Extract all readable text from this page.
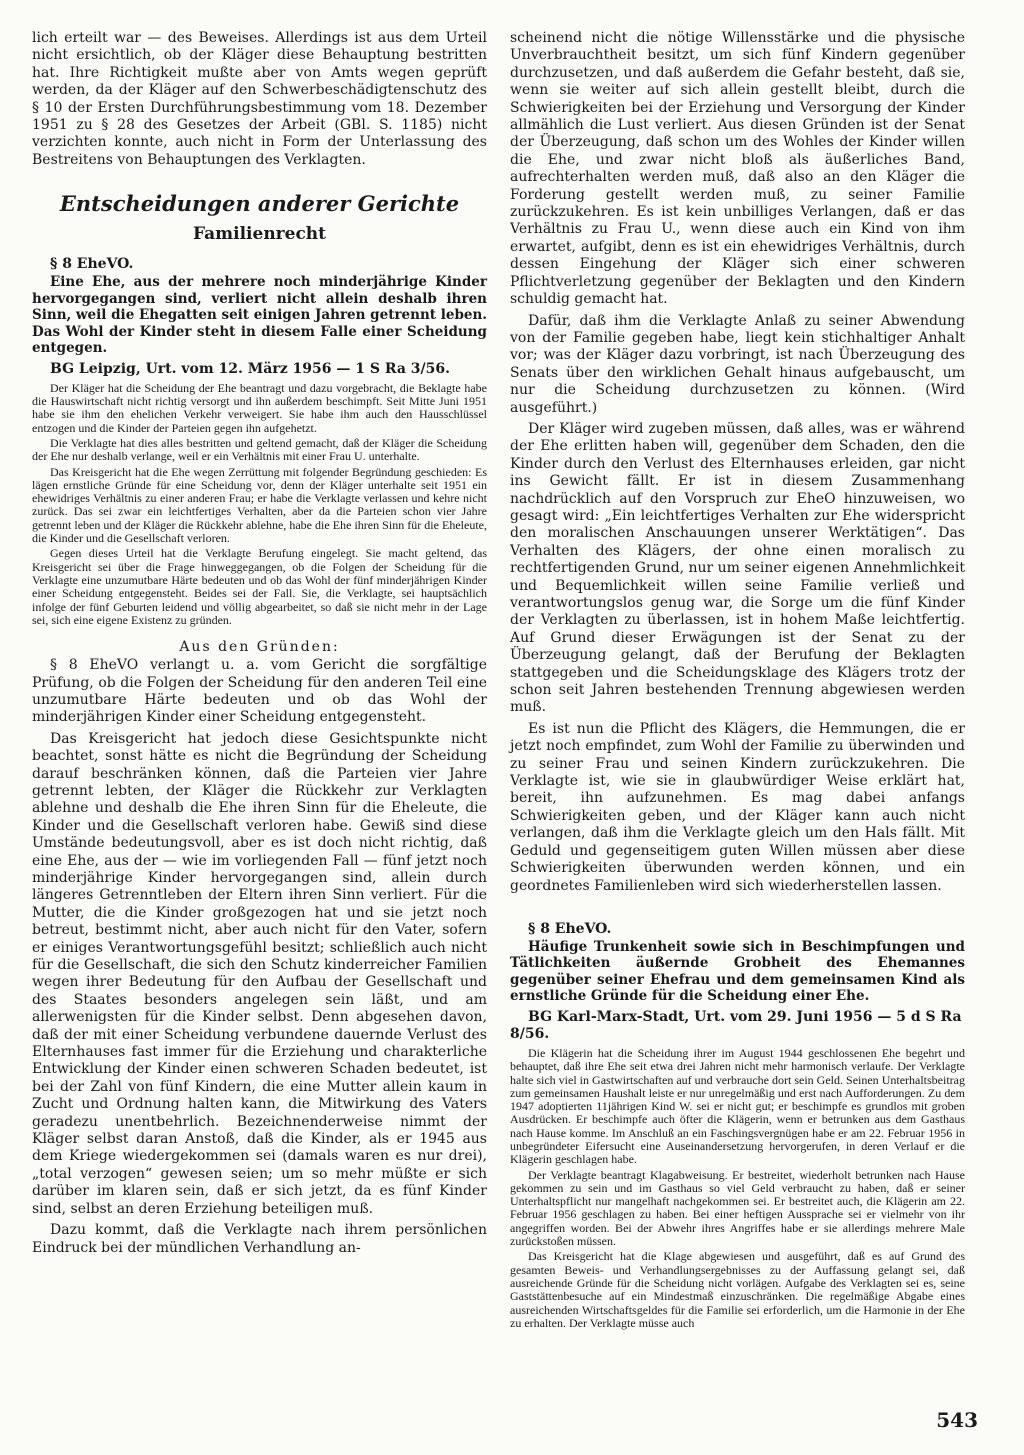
lich erteilt war — des Beweises. Allerdings ist aus dem Urteil nicht ersichtlich, ob der Kläger diese Behauptung bestritten hat. Ihre Richtigkeit mußte aber von Amts wegen geprüft werden, da der Kläger auf den Schwerbeschädigtenschutz des § 10 der Ersten Durchführungsbestimmung vom 18. Dezember 1951 zu § 28 des Gesetzes der Arbeit (GBl. S. 1185) nicht verzichten konnte, auch nicht in Form der Unterlassung des Bestreitens von Behauptungen des Verklagten.

Entscheidungen anderer Gerichte
Familienrecht
§ 8 EheVO.

Eine Ehe, aus der mehrere noch minderjährige Kinder hervorgegangen sind, verliert nicht allein deshalb ihren Sinn, weil die Ehegatten seit einigen Jahren getrennt leben. Das Wohl der Kinder steht in diesem Falle einer Scheidung entgegen.

BG Leipzig, Urt. vom 12. März 1956 — 1 S Ra 3/56.

Der Kläger hat die Scheidung der Ehe beantragt und dazu vorgebracht, die Beklagte habe die Hauswirtschaft nicht richtig versorgt und ihn außerdem beschimpft. Seit Mitte Juni 1951 habe sie ihm den ehelichen Verkehr verweigert. Sie habe ihm auch den Hausschlüssel entzogen und die Kinder der Parteien gegen ihn aufgehetzt.

Die Verklagte hat dies alles bestritten und geltend gemacht, daß der Kläger die Scheidung der Ehe nur deshalb verlange, weil er ein Verhältnis mit einer Frau U. unterhalte.

Das Kreisgericht hat die Ehe wegen Zerrüttung mit folgender Begründung geschieden: Es lägen ernstliche Gründe für eine Scheidung vor, denn der Kläger unterhalte seit 1951 ein ehewidriges Verhältnis zu einer anderen Frau; er habe die Verklagte verlassen und kehre nicht zurück. Das sei zwar ein leichtfertiges Verhalten, aber da die Parteien schon vier Jahre getrennt leben und der Kläger die Rückkehr ablehne, habe die Ehe ihren Sinn für die Eheleute, die Kinder und die Gesellschaft verloren.

Gegen dieses Urteil hat die Verklagte Berufung eingelegt. Sie macht geltend, das Kreisgericht sei über die Frage hinweggegangen, ob die Folgen der Scheidung für die Verklagte eine unzumutbare Härte bedeuten und ob das Wohl der fünf minderjährigen Kinder einer Scheidung entgegensteht. Beides sei der Fall. Sie, die Verklagte, sei hauptsächlich infolge der fünf Geburten leidend und völlig abgearbeitet, so daß sie nicht mehr in der Lage sei, sich eine eigene Existenz zu gründen.

Aus den Gründen:

§ 8 EheVO verlangt u. a. vom Gericht die sorgfältige Prüfung, ob die Folgen der Scheidung für den anderen Teil eine unzumutbare Härte bedeuten und ob das Wohl der minderjährigen Kinder einer Scheidung entgegensteht.

Das Kreisgericht hat jedoch diese Gesichtspunkte nicht beachtet, sonst hätte es nicht die Begründung der Scheidung darauf beschränken können, daß die Parteien vier Jahre getrennt lebten, der Kläger die Rückkehr zur Verklagten ablehne und deshalb die Ehe ihren Sinn für die Eheleute, die Kinder und die Gesellschaft verloren habe. Gewiß sind diese Umstände bedeutungsvoll, aber es ist doch nicht richtig, daß eine Ehe, aus der — wie im vorliegenden Fall — fünf jetzt noch minderjährige Kinder hervorgegangen sind, allein durch längeres Getrenntleben der Eltern ihren Sinn verliert. Für die Mutter, die die Kinder großgezogen hat und sie jetzt noch betreut, bestimmt nicht, aber auch nicht für den Vater, sofern er einiges Verantwortungsgefühl besitzt; schließlich auch nicht für die Gesellschaft, die sich den Schutz kinderreicher Familien wegen ihrer Bedeutung für den Aufbau der Gesellschaft und des Staates besonders angelegen sein läßt, und am allerwenigsten für die Kinder selbst. Denn abgesehen davon, daß der mit einer Scheidung verbundene dauernde Verlust des Elternhauses fast immer für die Erziehung und charakterliche Entwicklung der Kinder einen schweren Schaden bedeutet, ist bei der Zahl von fünf Kindern, die eine Mutter allein kaum in Zucht und Ordnung halten kann, die Mitwirkung des Vaters geradezu unentbehrlich. Bezeichnenderweise nimmt der Kläger selbst daran Anstoß, daß die Kinder, als er 1945 aus dem Kriege wiedergekommen sei (damals waren es nur drei), „total verzogen“ gewesen seien; um so mehr müßte er sich darüber im klaren sein, daß er sich jetzt, da es fünf Kinder sind, selbst an deren Erziehung beteiligen muß.

Dazu kommt, daß die Verklagte nach ihrem persönlichen Eindruck bei der mündlichen Verhandlung an-

scheinend nicht die nötige Willensstärke und die physische Unverbrauchtheit besitzt, um sich fünf Kindern gegenüber durchzusetzen, und daß außerdem die Gefahr besteht, daß sie, wenn sie weiter auf sich allein gestellt bleibt, durch die Schwierigkeiten bei der Erziehung und Versorgung der Kinder allmählich die Lust verliert. Aus diesen Gründen ist der Senat der Überzeugung, daß schon um des Wohles der Kinder willen die Ehe, und zwar nicht bloß als äußerliches Band, aufrechterhalten werden muß, daß also an den Kläger die Forderung gestellt werden muß, zu seiner Familie zurückzukehren. Es ist kein unbilliges Verlangen, daß er das Verhältnis zu Frau U., wenn diese auch ein Kind von ihm erwartet, aufgibt, denn es ist ein ehewidriges Verhältnis, durch dessen Eingehung der Kläger sich einer schweren Pflichtverletzung gegenüber der Beklagten und den Kindern schuldig gemacht hat.

Dafür, daß ihm die Verklagte Anlaß zu seiner Abwendung von der Familie gegeben habe, liegt kein stichhaltiger Anhalt vor; was der Kläger dazu vorbringt, ist nach Überzeugung des Senats über den wirklichen Gehalt hinaus aufgebauscht, um nur die Scheidung durchzusetzen zu können. (Wird ausgeführt.)

Der Kläger wird zugeben müssen, daß alles, was er während der Ehe erlitten haben will, gegenüber dem Schaden, den die Kinder durch den Verlust des Elternhauses erleiden, gar nicht ins Gewicht fällt. Er ist in diesem Zusammenhang nachdrücklich auf den Vorspruch zur EheO hinzuweisen, wo gesagt wird: „Ein leichtfertiges Verhalten zur Ehe widerspricht den moralischen Anschauungen unserer Werktätigen“. Das Verhalten des Klägers, der ohne einen moralisch zu rechtfertigenden Grund, nur um seiner eigenen Annehmlichkeit und Bequemlichkeit willen seine Familie verließ und verantwortungslos genug war, die Sorge um die fünf Kinder der Verklagten zu überlassen, ist in hohem Maße leichtfertig. Auf Grund dieser Erwägungen ist der Senat zu der Überzeugung gelangt, daß der Berufung der Beklagten stattgegeben und die Scheidungsklage des Klägers trotz der schon seit Jahren bestehenden Trennung abgewiesen werden muß.

Es ist nun die Pflicht des Klägers, die Hemmungen, die er jetzt noch empfindet, zum Wohl der Familie zu überwinden und zu seiner Frau und seinen Kindern zurückzukehren. Die Verklagte ist, wie sie in glaubwürdiger Weise erklärt hat, bereit, ihn aufzunehmen. Es mag dabei anfangs Schwierigkeiten geben, und der Kläger kann auch nicht verlangen, daß ihm die Verklagte gleich um den Hals fällt. Mit Geduld und gegenseitigem guten Willen müssen aber diese Schwierigkeiten überwunden werden können, und ein geordnetes Familienleben wird sich wiederherstellen lassen.

§ 8 EheVO.

Häufige Trunkenheit sowie sich in Beschimpfungen und Tätlichkeiten äußernde Grobheit des Ehemannes gegenüber seiner Ehefrau und dem gemeinsamen Kind als ernstliche Gründe für die Scheidung einer Ehe.

BG Karl-Marx-Stadt, Urt. vom 29. Juni 1956 — 5 d S Ra 8/56.

Die Klägerin hat die Scheidung ihrer im August 1944 geschlossenen Ehe begehrt und behauptet, daß ihre Ehe seit etwa drei Jahren nicht mehr harmonisch verlaufe. Der Verklagte halte sich viel in Gastwirtschaften auf und verbrauche dort sein Geld. Seinen Unterhaltsbeitrag zum gemeinsamen Haushalt leiste er nur unregelmäßig und erst nach Aufforderungen. Zu dem 1947 adoptierten 11jährigen Kind W. sei er nicht gut; er beschimpfe es grundlos mit groben Ausdrücken. Er beschimpfe auch öfter die Klägerin, wenn er betrunken aus dem Gasthaus nach Hause komme. Im Anschluß an ein Faschingsvergnügen habe er am 22. Februar 1956 in unbegründeter Eifersucht eine Auseinandersetzung hervorgerufen, in deren Verlauf er die Klägerin geschlagen habe.

Der Verklagte beantragt Klagabweisung. Er bestreitet, wiederholt betrunken nach Hause gekommen zu sein und im Gasthaus so viel Geld verbraucht zu haben, daß er seiner Unterhaltspflicht nur mangelhaft nachgekommen sei. Er bestreitet auch, die Klägerin am 22. Februar 1956 geschlagen zu haben. Bei einer heftigen Aussprache sei er vielmehr von ihr angegriffen worden. Bei der Abwehr ihres Angriffes habe er sie allerdings mehrere Male zurückstoßen müssen.

Das Kreisgericht hat die Klage abgewiesen und ausgeführt, daß es auf Grund des gesamten Beweis- und Verhandlungsergebnisses zu der Auffassung gelangt sei, daß ausreichende Gründe für die Scheidung nicht vorlägen. Aufgabe des Verklagten sei es, seine Gaststättenbesuche auf ein Mindestmaß einzuschränken. Die regelmäßige Abgabe eines ausreichenden Wirtschaftsgeldes für die Familie sei erforderlich, um die Harmonie in der Ehe zu erhalten. Der Verklagte müsse auch

543
